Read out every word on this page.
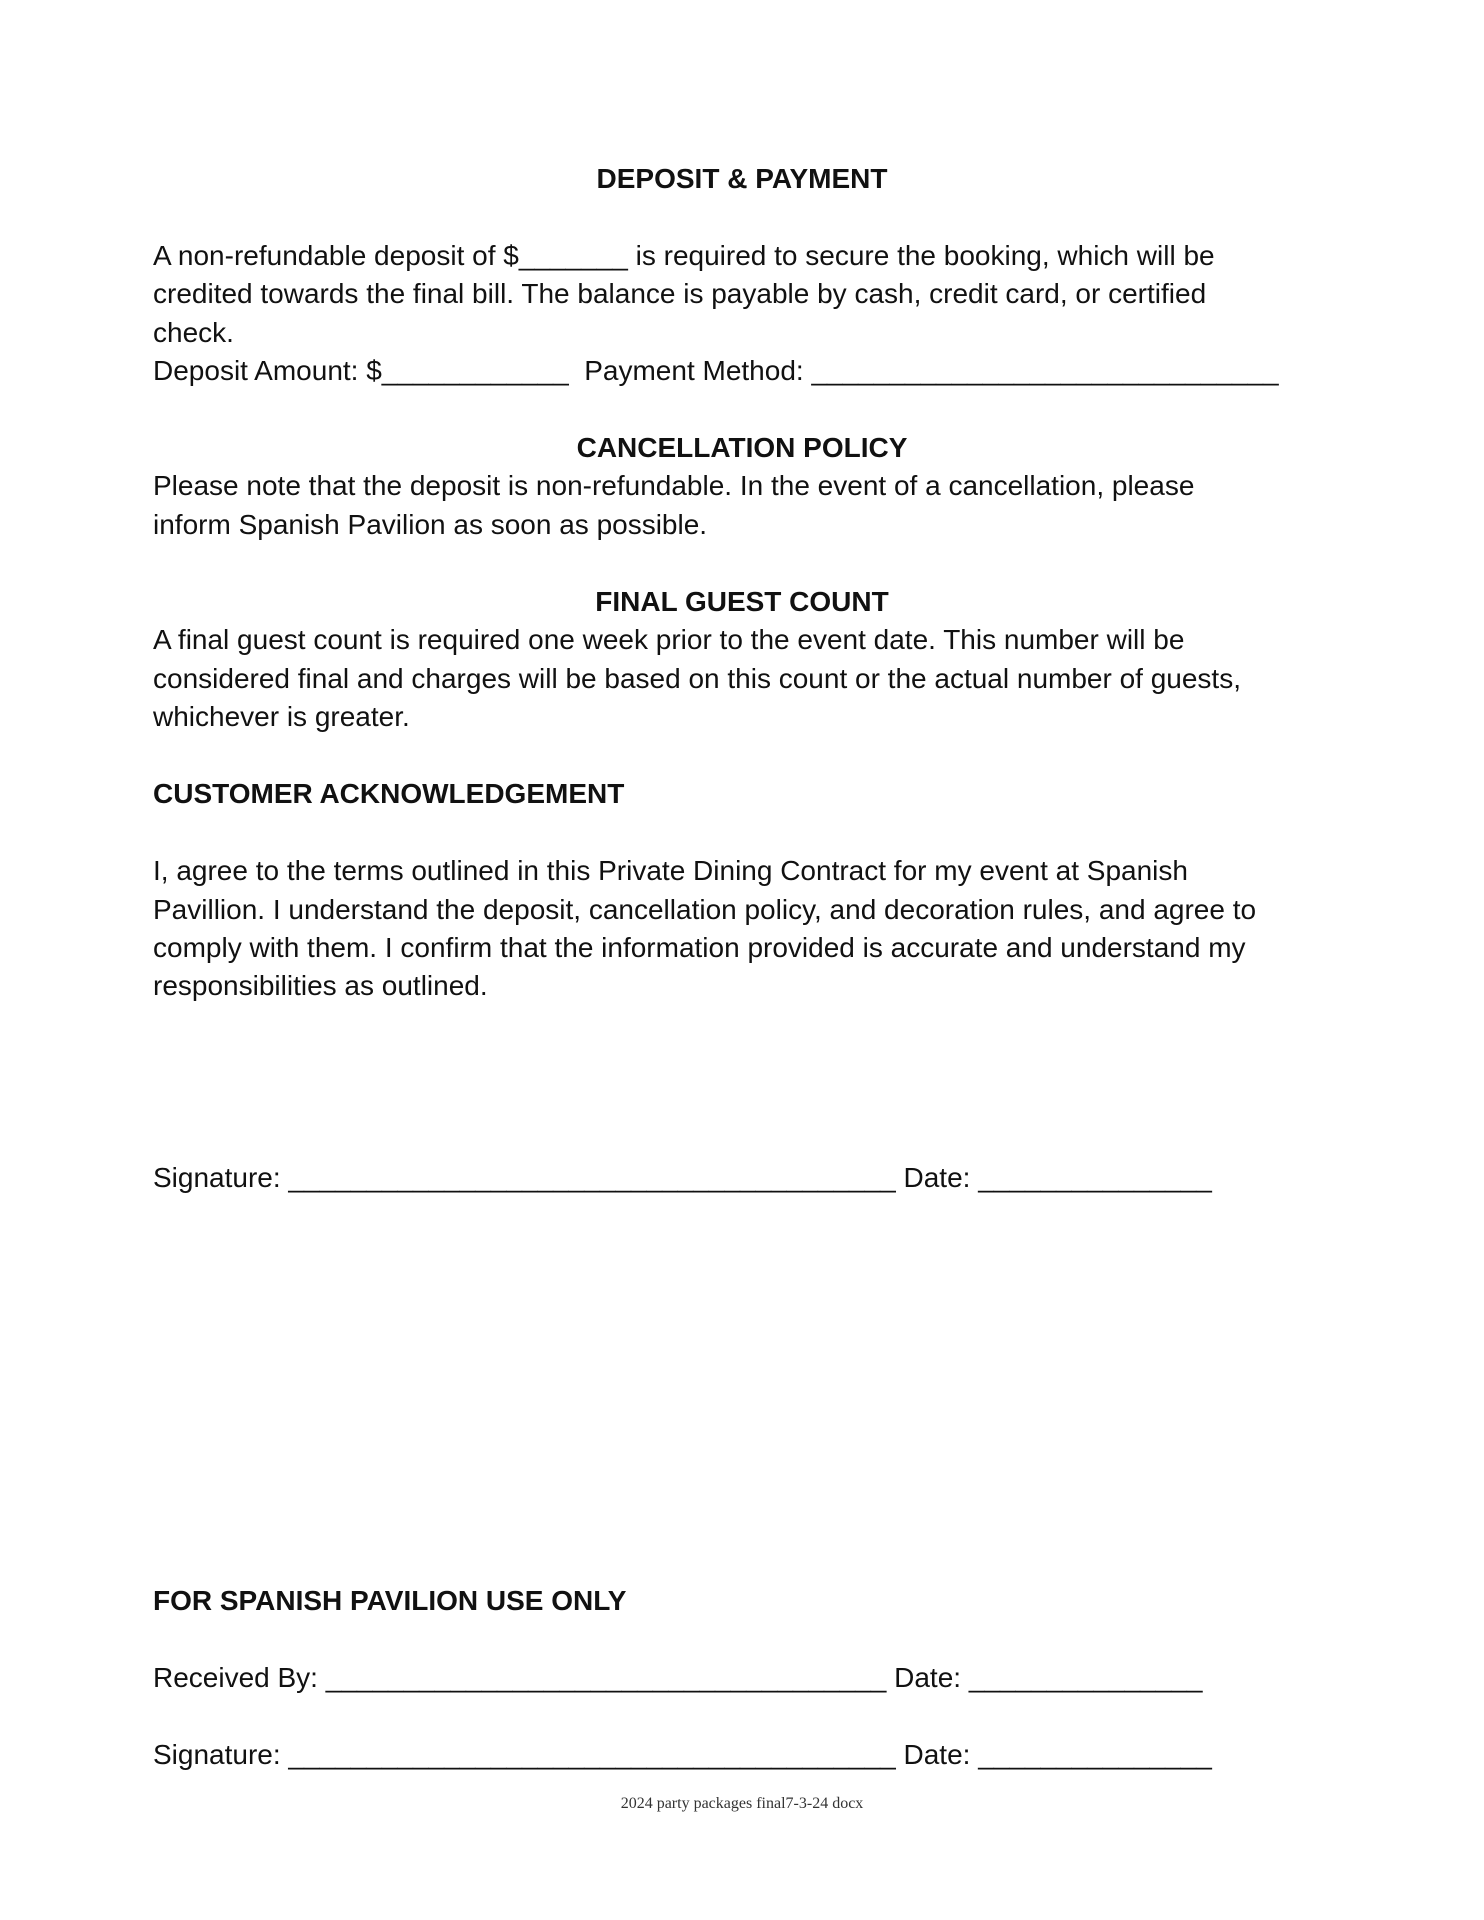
DEPOSIT & PAYMENT
A non-refundable deposit of $_______ is required to secure the booking, which will be
credited towards the final bill. The balance is payable by cash, credit card, or certified
check.
Deposit Amount: $____________  Payment Method: ______________________________
CANCELLATION POLICY
Please note that the deposit is non-refundable. In the event of a cancellation, please
inform Spanish Pavilion as soon as possible.
FINAL GUEST COUNT
A final guest count is required one week prior to the event date. This number will be
considered final and charges will be based on this count or the actual number of guests,
whichever is greater.
CUSTOMER ACKNOWLEDGEMENT
I, agree to the terms outlined in this Private Dining Contract for my event at Spanish
Pavillion. I understand the deposit, cancellation policy, and decoration rules, and agree to
comply with them. I confirm that the information provided is accurate and understand my
responsibilities as outlined.
Signature: _______________________________________ Date: _______________
FOR SPANISH PAVILION USE ONLY
Received By: ____________________________________ Date: _______________
Signature: _______________________________________ Date: _______________
2024 party packages final7-3-24 docx
